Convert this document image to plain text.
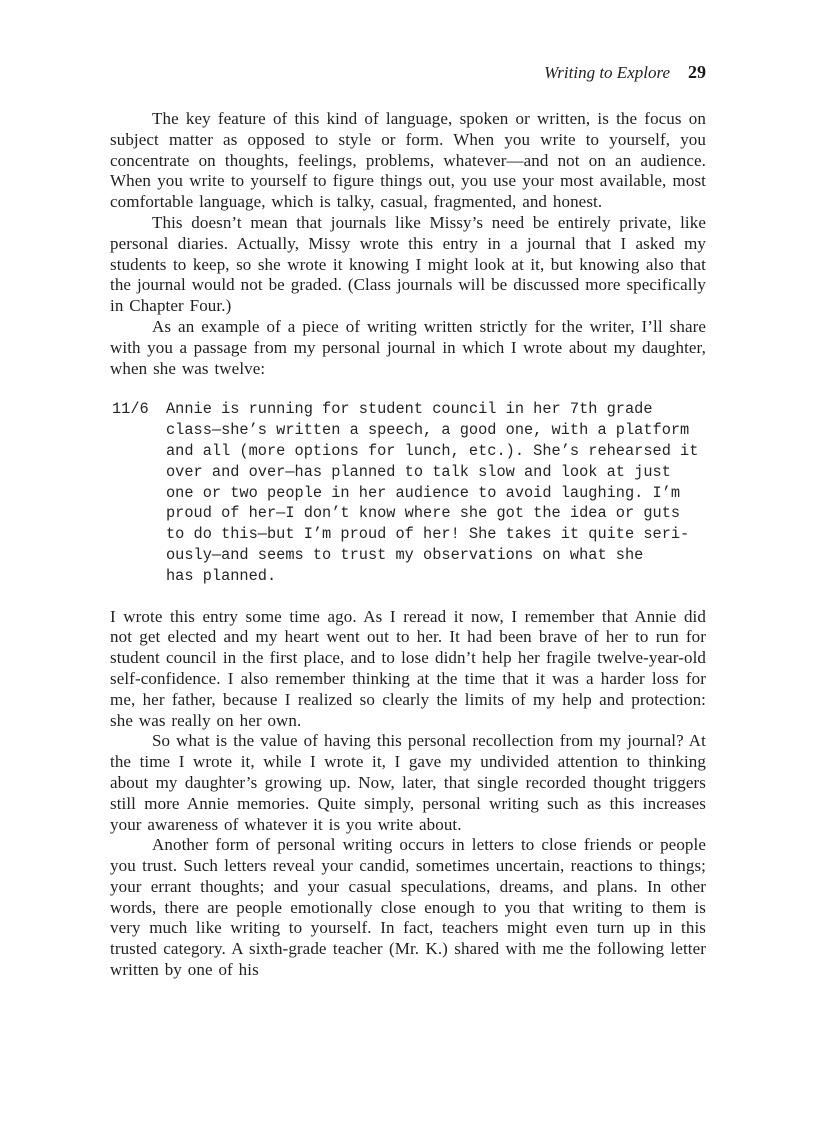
Writing to Explore 29

The key feature of this kind of language, spoken or written, is the focus on subject matter as opposed to style or form. When you write to yourself, you concentrate on thoughts, feelings, problems, whatever—and not on an audience. When you write to yourself to figure things out, you use your most available, most comfortable language, which is talky, casual, fragmented, and honest.

This doesn’t mean that journals like Missy’s need be entirely private, like personal diaries. Actually, Missy wrote this entry in a journal that I asked my students to keep, so she wrote it knowing I might look at it, but knowing also that the journal would not be graded. (Class journals will be discussed more specifically in Chapter Four.)

As an example of a piece of writing written strictly for the writer, I’ll share with you a passage from my personal journal in which I wrote about my daughter, when she was twelve:

11/6 Annie is running for student council in her 7th grade
class—she’s written a speech, a good one, with a platform
and all (more options for lunch, etc.). She’s rehearsed it
over and over—has planned to talk slow and look at just
one or two people in her audience to avoid laughing. I’m
proud of her—I don’t know where she got the idea or guts
to do this—but I’m proud of her! She takes it quite seri-
ously—and seems to trust my observations on what she
has planned.

I wrote this entry some time ago. As I reread it now, I remember that Annie did not get elected and my heart went out to her. It had been brave of her to run for student council in the first place, and to lose didn’t help her fragile twelve-year-old self-confidence. I also remember thinking at the time that it was a harder loss for me, her father, because I realized so clearly the limits of my help and protection: she was really on her own.

So what is the value of having this personal recollection from my journal? At the time I wrote it, while I wrote it, I gave my undivided attention to thinking about my daughter’s growing up. Now, later, that single recorded thought triggers still more Annie memories. Quite simply, personal writing such as this increases your awareness of whatever it is you write about.

Another form of personal writing occurs in letters to close friends or people you trust. Such letters reveal your candid, sometimes uncertain, reactions to things; your errant thoughts; and your casual speculations, dreams, and plans. In other words, there are people emotionally close enough to you that writing to them is very much like writing to yourself. In fact, teachers might even turn up in this trusted category. A sixth-grade teacher (Mr. K.) shared with me the following letter written by one of his
